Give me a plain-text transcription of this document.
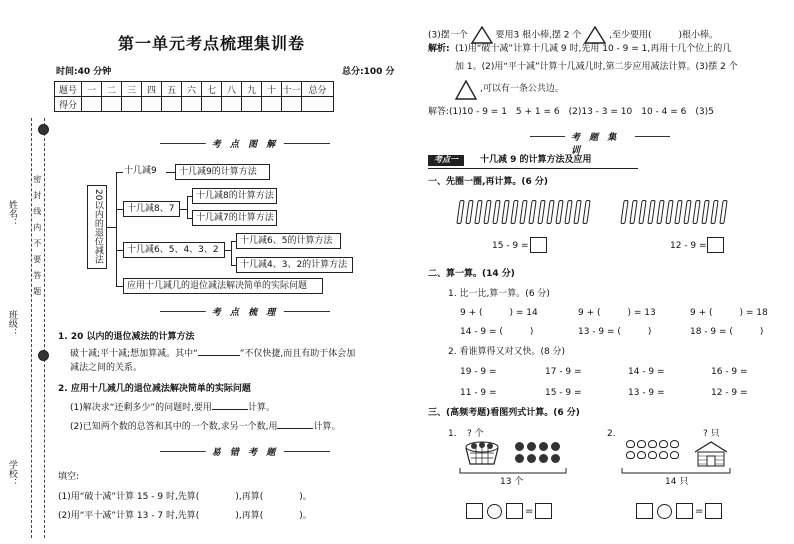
姓名：
班级：
学校：
密　封　线　内　不　要　答　题
第一单元考点梳理集训卷
时间:40 分钟	总分:100 分
题号	一	二	三	四	五	六	七	八	九	十	十一	总分
得分												
考 点 图 解
20以内的退位减法
十几减9 十几减9的计算方法
十几减8、7
十几减8的计算方法
十几减7的计算方法
十几减6、5、4、3、2
十几减6、5的计算方法
十几减4、3、2的计算方法
应用十几减几的退位减法解决简单的实际问题
考 点 梳 理
1. 20 以内的退位减法的计算方法
破十减;平十减;想加算减。其中“	”不仅快捷,而且有助于体会加
减法之间的关系。
2. 应用十几减几的退位减法解决简单的实际问题
(1)解决求“还剩多少”的问题时,要用	计算。
(2)已知两个数的总答和其中的一个数,求另一个数,用	计算。
易 错 考 题
填空:
(1)用“破十减”计算 15 - 9 时,先算(　　　　),再算(　　　　)。
(2)用“平十减”计算 13 - 7 时,先算(　　　　),再算(　　　　)。
(3)摆一个	要用3 根小棒,摆 2 个	,至少要用(　　　)根小棒。
解析: (1)用“破十减”计算十几减 9 时,先用 10 - 9 = 1,再用十几个位上的几
加 1。(2)用“平十减”计算十几减几时,第二步应用减法计算。(3)摆 2 个
,可以有一条公共边。
解答:(1)10 - 9 = 1　5 + 1 = 6　(2)13 - 3 = 10　10 - 4 = 6　(3)5
考 题 集 训
考点一	十几减 9 的计算方法及应用
一、先圈一圈,再计算。(6 分)
15 - 9 =	12 - 9 =
二、算一算。(14 分)
1. 比一比,算一算。(6 分)
9 + (　　　) = 14	9 + (　　　) = 13	9 + (　　　) = 18
14 - 9 = (　　　)	13 - 9 = (　　　)	18 - 9 = (　　　)
2. 看谁算得又对又快。(8 分)
19 - 9 =	17 - 9 =	14 - 9 =	16 - 9 =
11 - 9 =	15 - 9 =	13 - 9 =	12 - 9 =
三、(高频考题)看图列式计算。(6 分)
1. ? 个
13 个
=
2.	? 只
14 只
=
